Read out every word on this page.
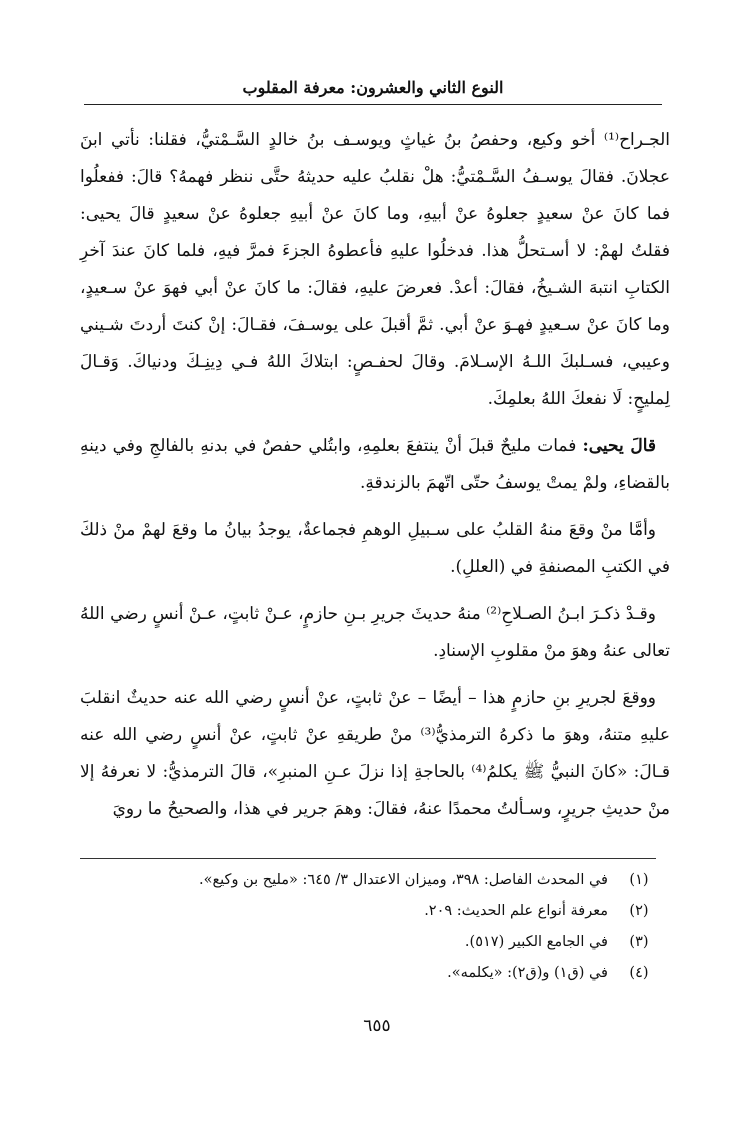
النوع الثاني والعشرون: معرفة المقلوب

الجـراح⁽¹⁾ أخو وكيع، وحفصُ بنُ غياثٍ ويوسـف بنُ خالدٍ السَّـمْتيُّ، فقلنا: نأتي ابنَ عجلانَ. فقالَ يوسـفُ السَّـمْتيُّ: هلْ نقلبُ عليه حديثهُ حتَّى ننظر فهمهُ؟ قالَ: ففعلُوا فما كانَ عنْ سعيدٍ جعلوهُ عنْ أبيهِ، وما كانَ عنْ أبيهِ جعلوهُ عنْ سعيدٍ قالَ يحيى: فقلتُ لهمْ: لا أسـتحلُّ هذا. فدخلُوا عليهِ فأعطوهُ الجزءَ فمرَّ فيهِ، فلما كانَ عندَ آخرِ الكتابِ انتبهَ الشـيخُ، فقالَ: أعدْ. فعرضَ عليهِ، فقالَ: ما كانَ عنْ أبي فهوَ عنْ سـعيدٍ، وما كانَ عنْ سـعيدٍ فهـوَ عنْ أبي. ثمَّ أقبلَ على يوسـفَ، فقـالَ: إنْ كنتَ أردتَ شـيني وعيبي، فسـلبكَ اللـهُ الإسـلامَ. وقالَ لحفـصٍ: ابتلاكَ اللهُ فـي دِينِـكَ ودنياكَ. وَقـالَ لِمليحٍ: لَا نفعكَ اللهُ بعلمِكَ.

قالَ يحيى: فمات مليحٌ قبلَ أنْ ينتفعَ بعلمِهِ، وابتُلي حفصٌ في بدنهِ بالفالجِ وفي دينهِ بالقضاءِ، ولمْ يمتْ يوسفُ حتّى اتّهمَ بالزندقةِ.

وأمَّا منْ وقعَ منهُ القلبُ على سـبيلِ الوهمِ فجماعةٌ، يوجدُ بيانُ ما وقعَ لهمْ منْ ذلكَ في الكتبِ المصنفةِ في (العللِ).

وقـدْ ذكـرَ ابـنُ الصـلاحِ⁽²⁾ منهُ حديثَ جريرِ بـنِ حازمٍ، عـنْ ثابتٍ، عـنْ أنسٍ رضي اللهُ تعالى عنهُ وهوَ منْ مقلوبِ الإسنادِ.

ووقعَ لجريرِ بنِ حازمٍ هذا – أيضًا – عنْ ثابتٍ، عنْ أنسٍ رضي الله عنه حديثٌ انقلبَ عليهِ متنهُ، وهوَ ما ذكرهُ الترمذيُّ⁽³⁾ منْ طريقهِ عنْ ثابتٍ، عنْ أنسٍ رضي الله عنه قـالَ: «كانَ النبيُّ ﷺ يكلمُ⁽⁴⁾ بالحاجةِ إذا نزلَ عـنِ المنبرِ»، قالَ الترمذيُّ: لا نعرفهُ إلا منْ حديثِ جريرٍ، وسـألتُ محمدًا عنهُ، فقالَ: وهمَ جرير في هذا، والصحيحُ ما رويَ

(١)
في المحدث الفاصل: ٣٩٨، وميزان الاعتدال ٣/ ٦٤٥: «مليح بن وكيع».
(٢)
معرفة أنواع علم الحديث: ٢٠٩.
(٣)
في الجامع الكبير (٥١٧).
(٤)
في (ق١) و(ق٢): «يكلمه».
٦٥٥
